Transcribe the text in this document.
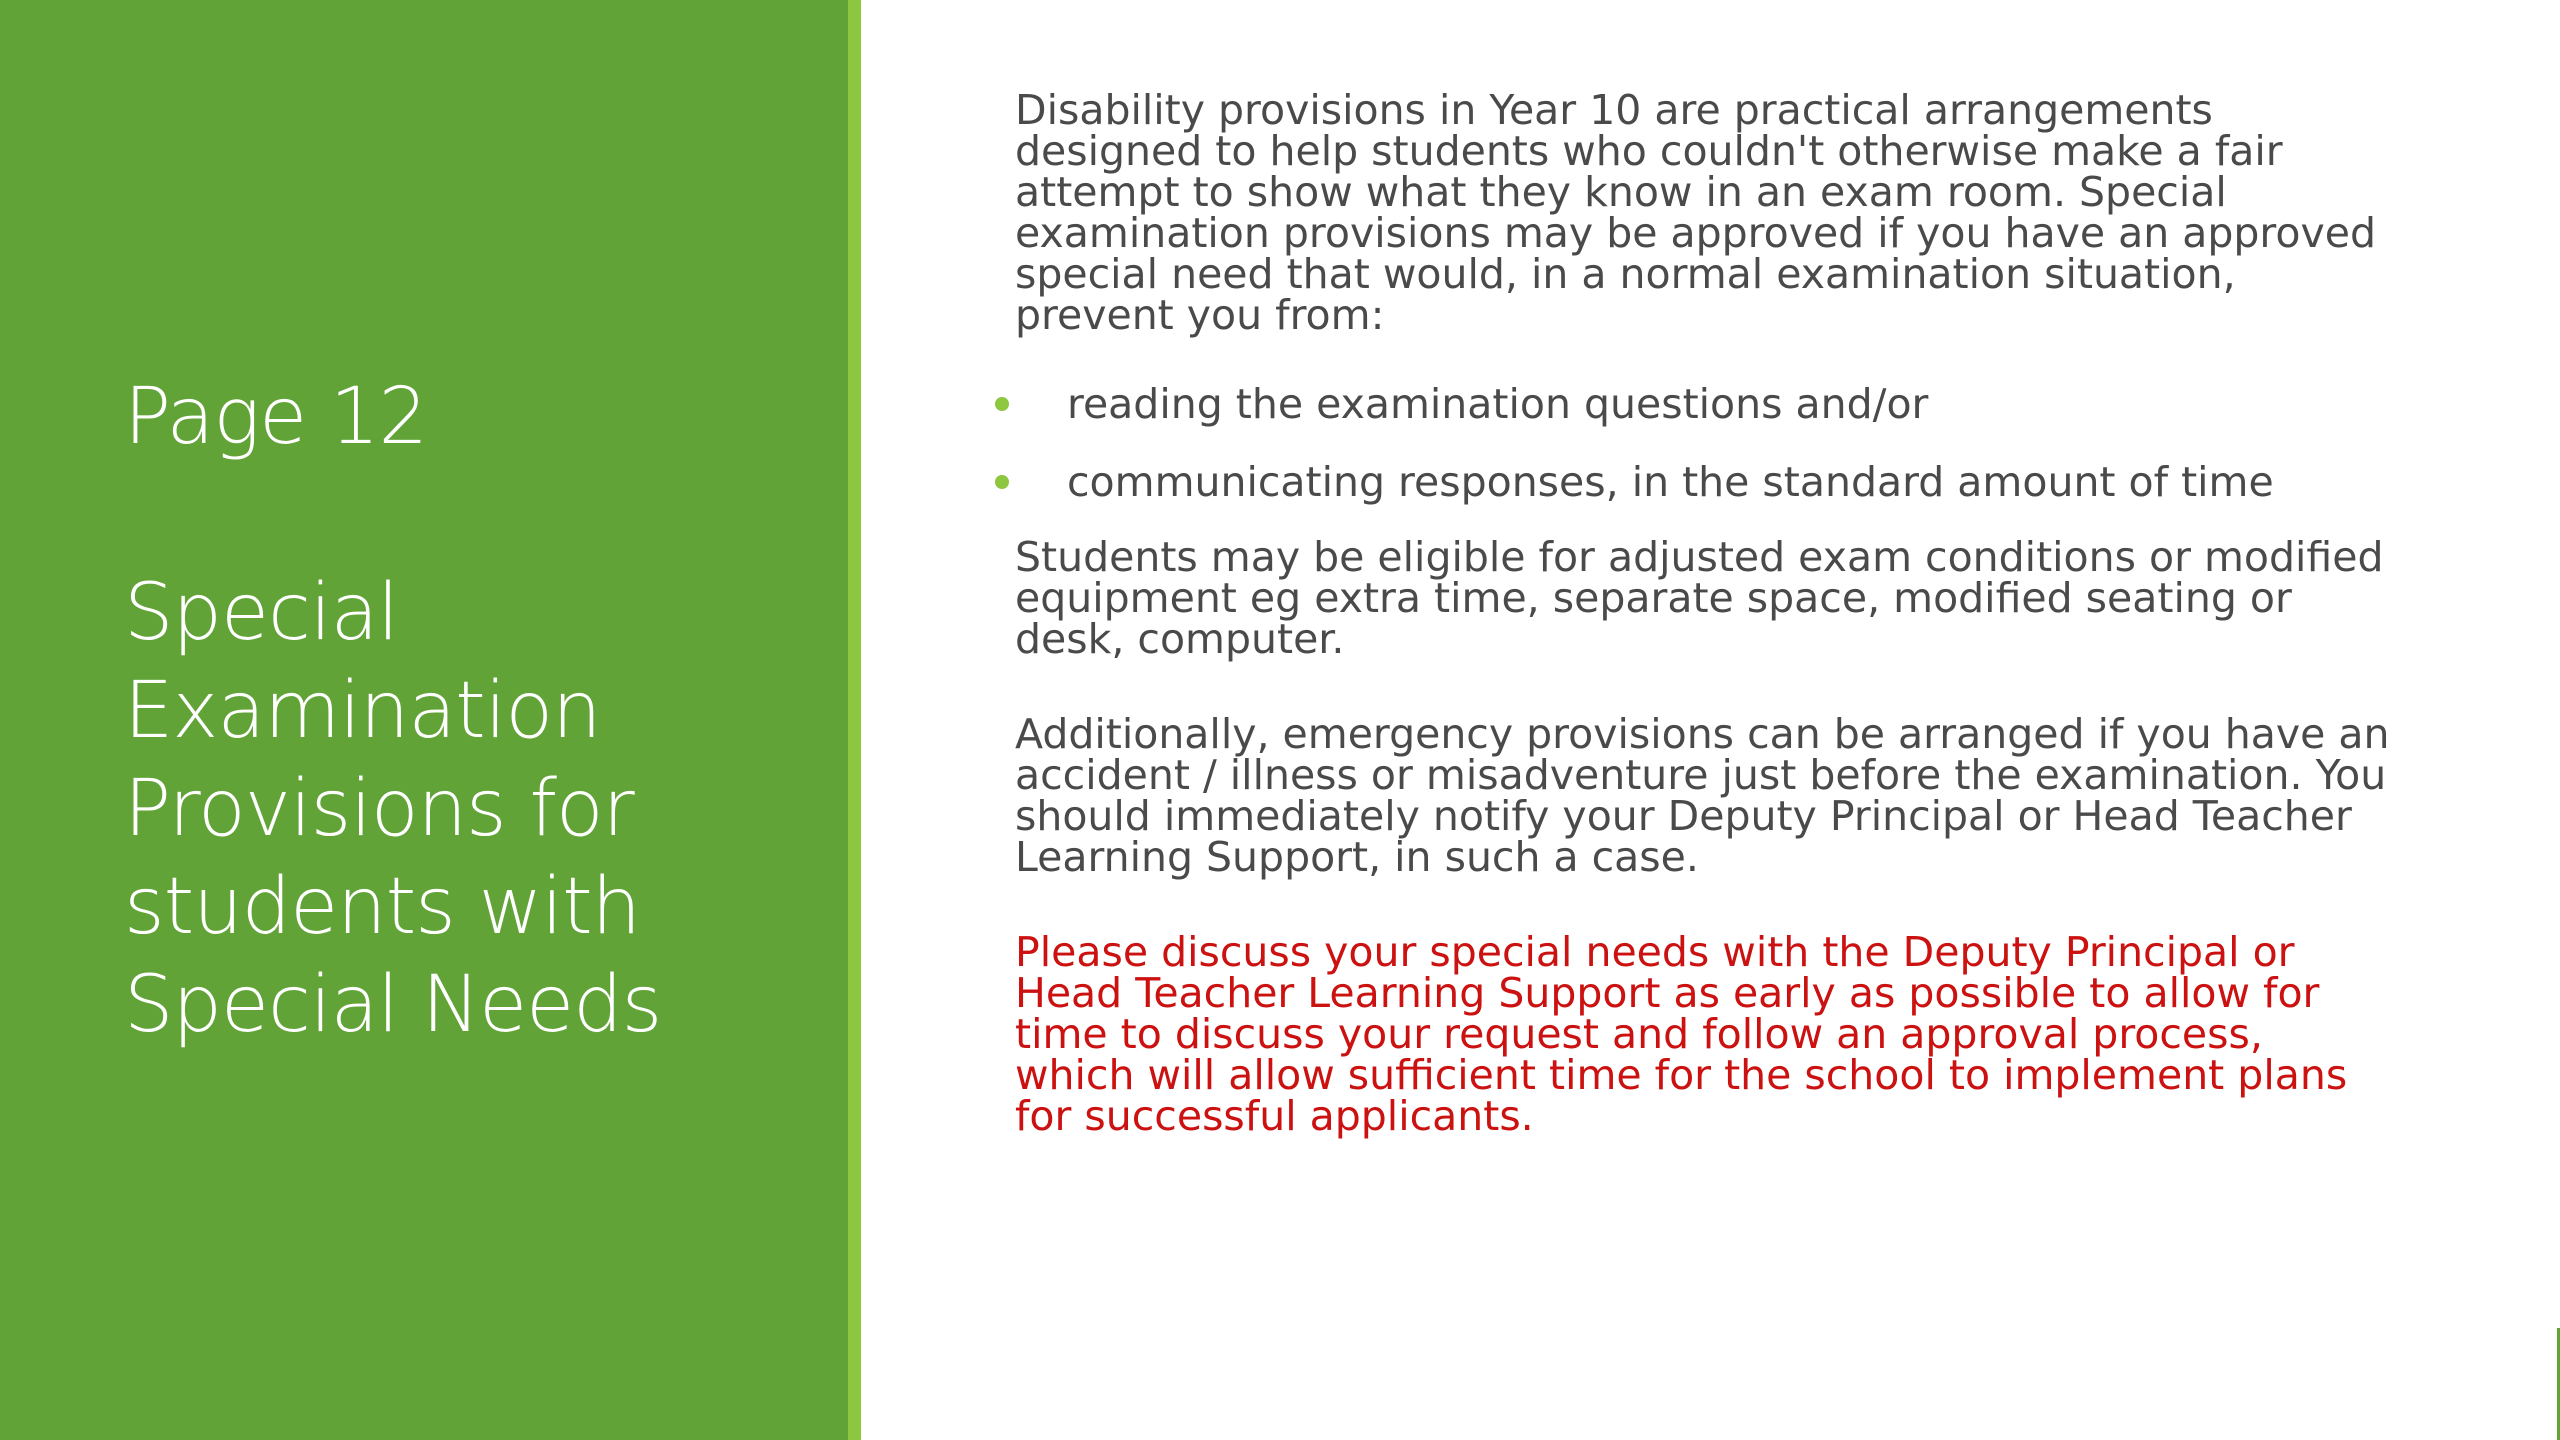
Page 12
Special
Examination
Provisions for
students with
Special Needs

Disability provisions in Year 10 are practical arrangements designed to help students who couldn't otherwise make a fair attempt to show what they know in an exam room. Special examination provisions may be approved if you have an approved special need that would, in a normal examination situation, prevent you from:

reading the examination questions and/or
communicating responses, in the standard amount of time

Students may be eligible for adjusted exam conditions or modified equipment eg extra time, separate space, modified seating or desk, computer.

Additionally, emergency provisions can be arranged if you have an accident / illness or misadventure just before the examination. You should immediately notify your Deputy Principal or Head Teacher Learning Support, in such a case.

Please discuss your special needs with the Deputy Principal or Head Teacher Learning Support as early as possible to allow for time to discuss your request and follow an approval process, which will allow sufficient time for the school to implement plans for successful applicants.
